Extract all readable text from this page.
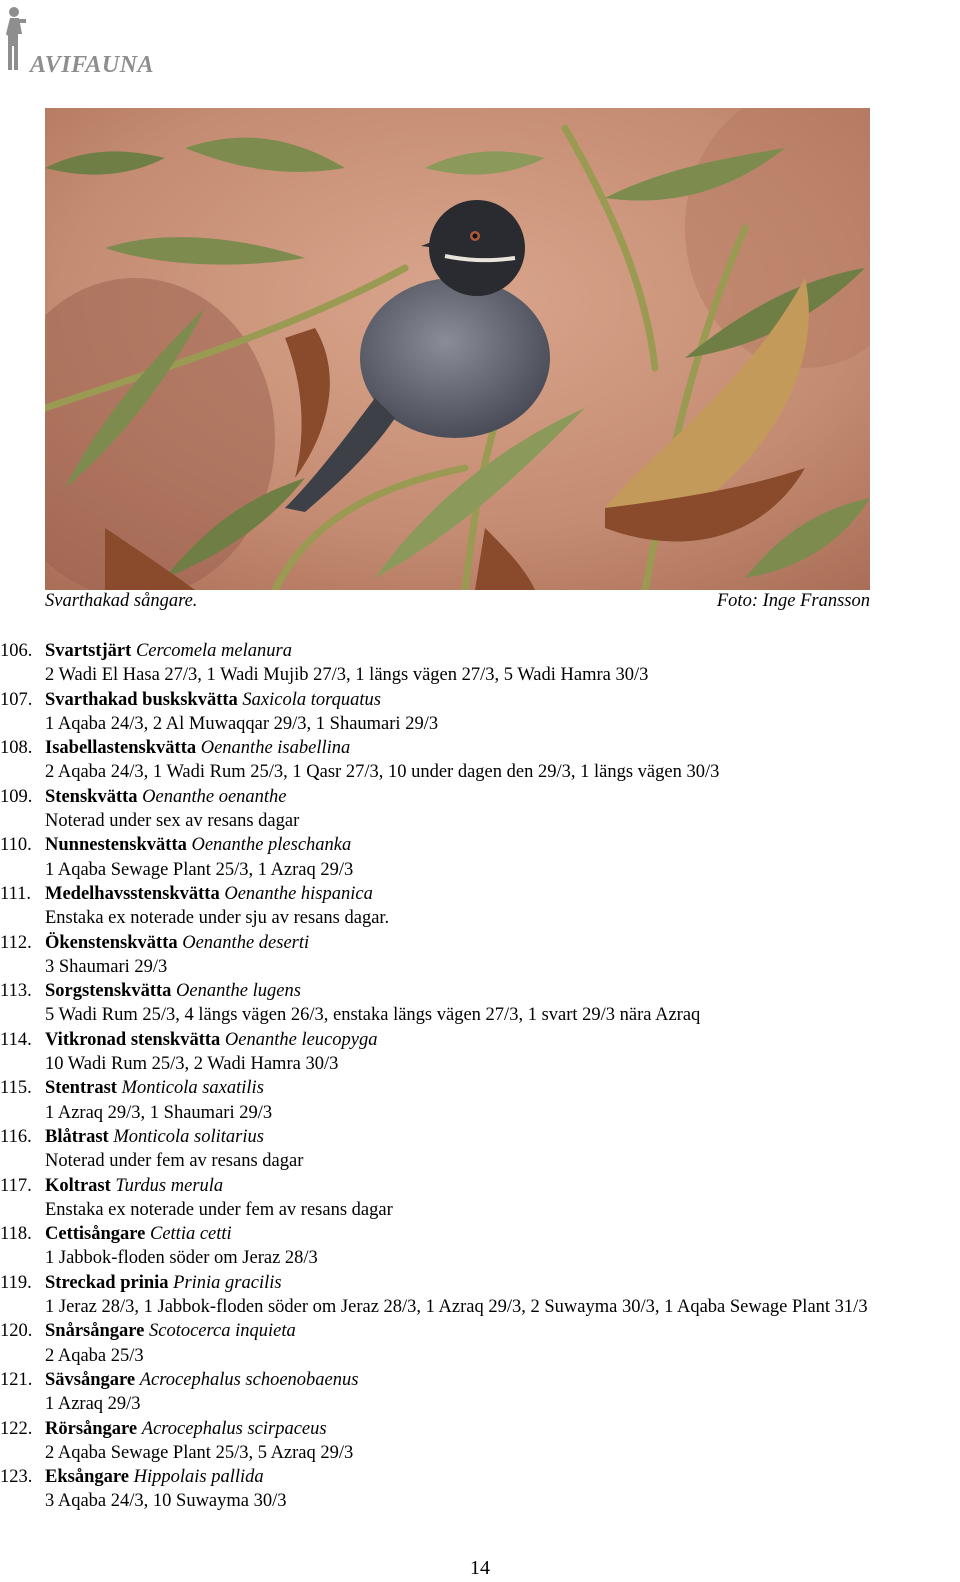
AVIFAUNA
Svarthakad sångare.	Foto: Inge Fransson
106. Svartstjärt
Cercomela melanura
2 Wadi El Hasa 27/3, 1 Wadi Mujib 27/3, 1 längs vägen 27/3, 5 Wadi Hamra 30/3
107. Svarthakad buskskvätta
Saxicola torquatus
1 Aqaba 24/3, 2 Al Muwaqqar 29/3, 1 Shaumari 29/3
108. Isabellastenskvätta
Oenanthe isabellina
2 Aqaba 24/3, 1 Wadi Rum 25/3, 1 Qasr 27/3, 10 under dagen den 29/3, 1 längs vägen 30/3
109. Stenskvätta
Oenanthe oenanthe
Noterad under sex av resans dagar
110. Nunnestenskvätta
Oenanthe pleschanka
1 Aqaba Sewage Plant 25/3, 1 Azraq 29/3
111. Medelhavsstenskvätta
Oenanthe hispanica
Enstaka ex noterade under sju av resans dagar.
112. Ökenstenskvätta
Oenanthe deserti
3 Shaumari 29/3
113. Sorgstenskvätta
Oenanthe lugens
5 Wadi Rum 25/3, 4 längs vägen 26/3, enstaka längs vägen 27/3, 1 svart 29/3 nära Azraq
114. Vitkronad stenskvätta
Oenanthe leucopyga
10 Wadi Rum 25/3, 2 Wadi Hamra 30/3
115. Stentrast
Monticola saxatilis
1 Azraq 29/3, 1 Shaumari 29/3
116. Blåtrast
Monticola solitarius
Noterad under fem av resans dagar
117. Koltrast
Turdus merula
Enstaka ex noterade under fem av resans dagar
118. Cettisångare
Cettia cetti
1 Jabbok-floden söder om Jeraz 28/3
119. Streckad prinia
Prinia gracilis
1 Jeraz 28/3, 1 Jabbok-floden söder om Jeraz 28/3, 1 Azraq 29/3, 2 Suwayma 30/3, 1 Aqaba Sewage Plant 31/3
120. Snårsångare
Scotocerca inquieta
2 Aqaba 25/3
121. Sävsångare
Acrocephalus schoenobaenus
1 Azraq 29/3
122. Rörsångare
Acrocephalus scirpaceus
2 Aqaba Sewage Plant 25/3, 5 Azraq 29/3
123. Eksångare
Hippolais pallida
3 Aqaba 24/3, 10 Suwayma 30/3
14
